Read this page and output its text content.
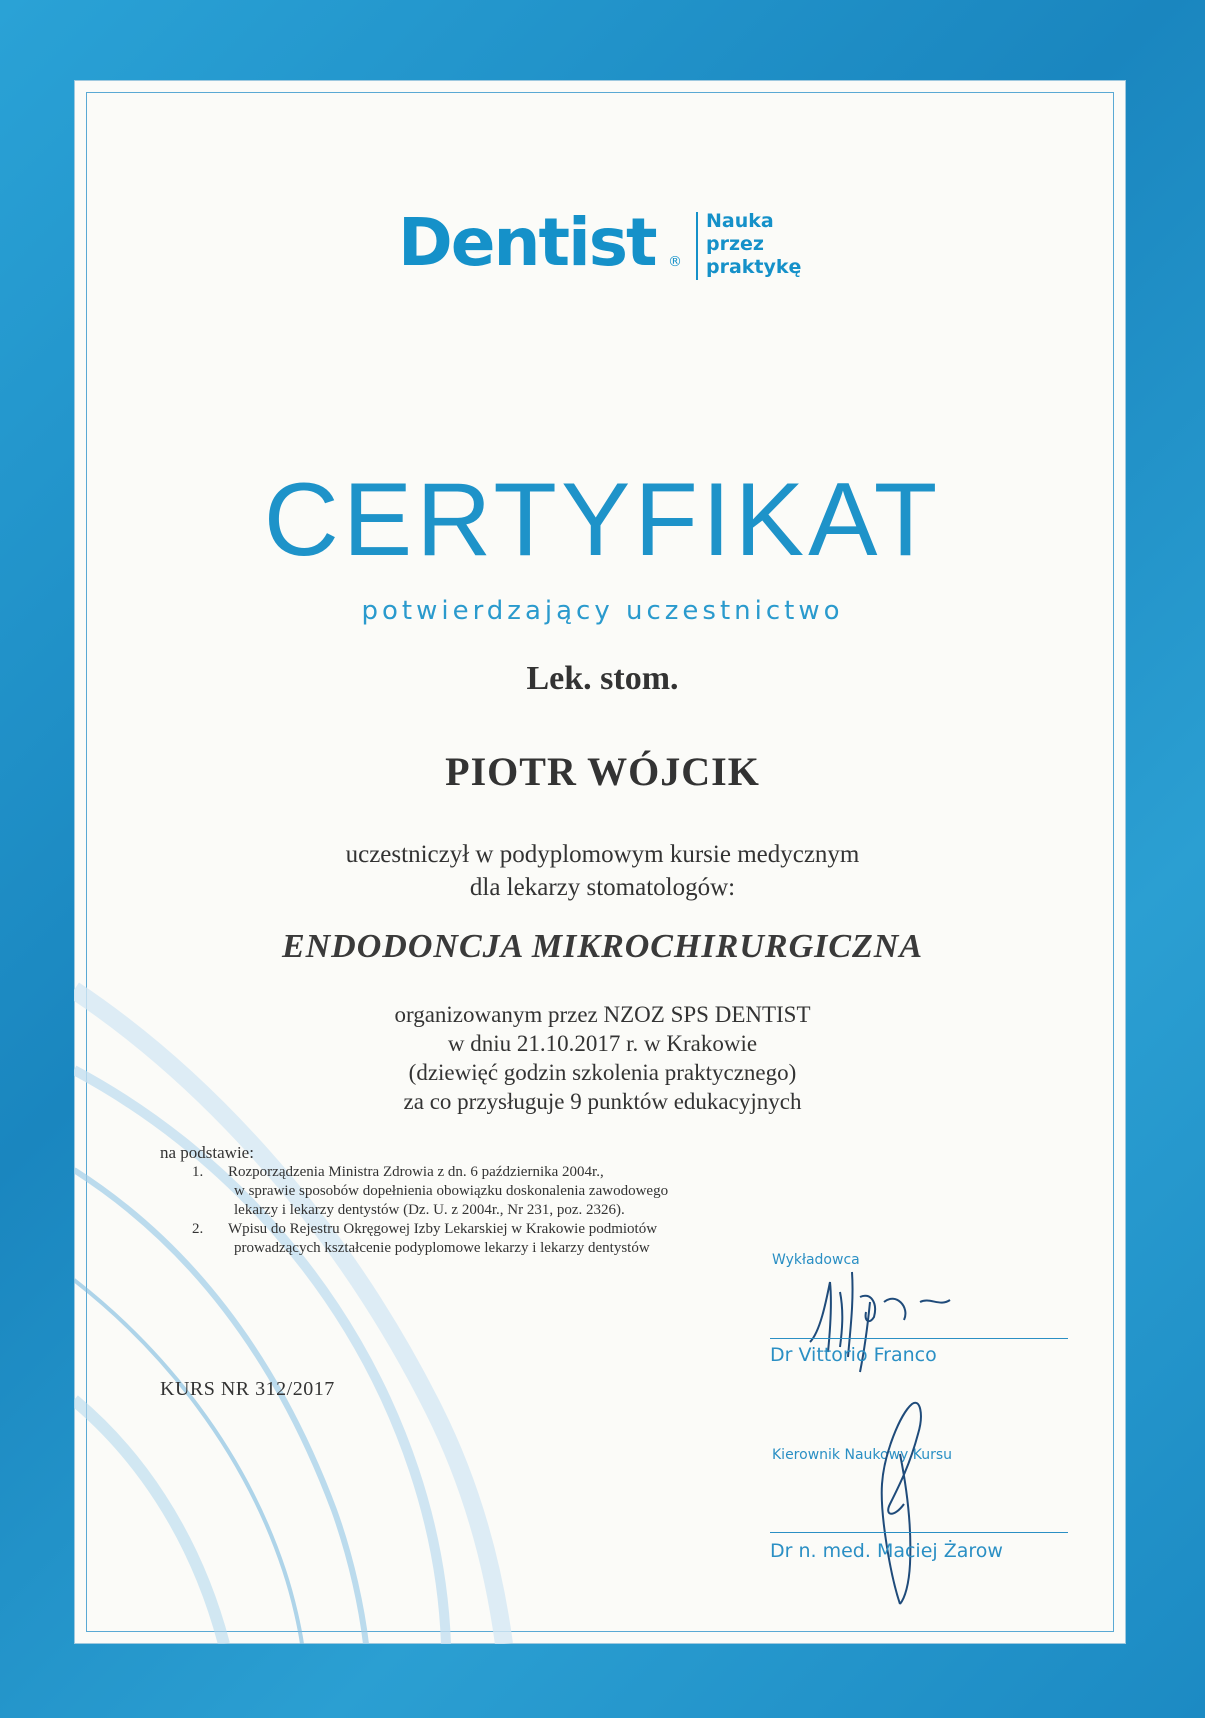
Dentist ®
Nauka
przez
praktykę
CERTYFIKAT
potwierdzający uczestnictwo
Lek. stom.
PIOTR WÓJCIK
uczestniczył w podyplomowym kursie medycznym
dla lekarzy stomatologów:
ENDODONCJA MIKROCHIRURGICZNA
organizowanym przez NZOZ SPS DENTIST
w dniu 21.10.2017 r. w Krakowie
(dziewięć godzin szkolenia praktycznego)
za co przysługuje 9 punktów edukacyjnych
na podstawie:
1. Rozporządzenia Ministra Zdrowia z dn. 6 października 2004r.,
w sprawie sposobów dopełnienia obowiązku doskonalenia zawodowego
lekarzy i lekarzy dentystów (Dz. U. z 2004r., Nr 231, poz. 2326).
2. Wpisu do Rejestru Okręgowej Izby Lekarskiej w Krakowie podmiotów
prowadzących kształcenie podyplomowe lekarzy i lekarzy dentystów
KURS NR 312/2017
Wykładowca
Dr Vittorio Franco
Kierownik Naukowy Kursu
Dr n. med. Maciej Żarow
